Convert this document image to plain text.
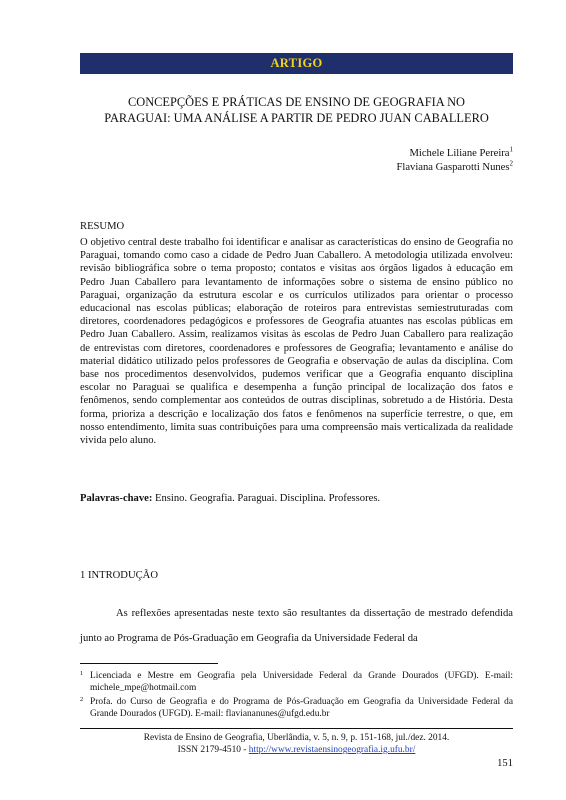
ARTIGO
CONCEPÇÕES E PRÁTICAS DE ENSINO DE GEOGRAFIA NO
PARAGUAI: UMA ANÁLISE A PARTIR DE PEDRO JUAN CABALLERO
Michele Liliane Pereira$^1$
Flaviana Gasparotti Nunes$^2$
RESUMO

O objetivo central deste trabalho foi identificar e analisar as características do ensino de Geografia no Paraguai, tomando como caso a cidade de Pedro Juan Caballero. A metodologia utilizada envolveu: revisão bibliográfica sobre o tema proposto; contatos e visitas aos órgãos ligados à educação em Pedro Juan Caballero para levantamento de informações sobre o sistema de ensino público no Paraguai, organização da estrutura escolar e os currículos utilizados para orientar o processo educacional nas escolas públicas; elaboração de roteiros para entrevistas semiestruturadas com diretores, coordenadores pedagógicos e professores de Geografia atuantes nas escolas públicas em Pedro Juan Caballero. Assim, realizamos visitas às escolas de Pedro Juan Caballero para realização de entrevistas com diretores, coordenadores e professores de Geografia; levantamento e análise do material didático utilizado pelos professores de Geografia e observação de aulas da disciplina. Com base nos procedimentos desenvolvidos, pudemos verificar que a Geografia enquanto disciplina escolar no Paraguai se qualifica e desempenha a função principal de localização dos fatos e fenômenos, sendo complementar aos conteúdos de outras disciplinas, sobretudo a de História. Desta forma, prioriza a descrição e localização dos fatos e fenômenos na superfície terrestre, o que, em nosso entendimento, limita suas contribuições para uma compreensão mais verticalizada da realidade vivida pelo aluno.

Palavras-chave: Ensino. Geografia. Paraguai. Disciplina. Professores.

1 INTRODUÇÃO

As reflexões apresentadas neste texto são resultantes da dissertação de mestrado defendida junto ao Programa de Pós-Graduação em Geografia da Universidade Federal da

1 Licenciada e Mestre em Geografia pela Universidade Federal da Grande Dourados (UFGD). E-mail: michele_mpe@hotmail.com
2 Profa. do Curso de Geografia e do Programa de Pós-Graduação em Geografia da Universidade Federal da Grande Dourados (UFGD). E-mail: flaviananunes@ufgd.edu.br
Revista de Ensino de Geografia, Uberlândia, v. 5, n. 9, p. 151-168, jul./dez. 2014.
ISSN 2179-4510 - http://www.revistaensinogeografia.ig.ufu.br/
151
